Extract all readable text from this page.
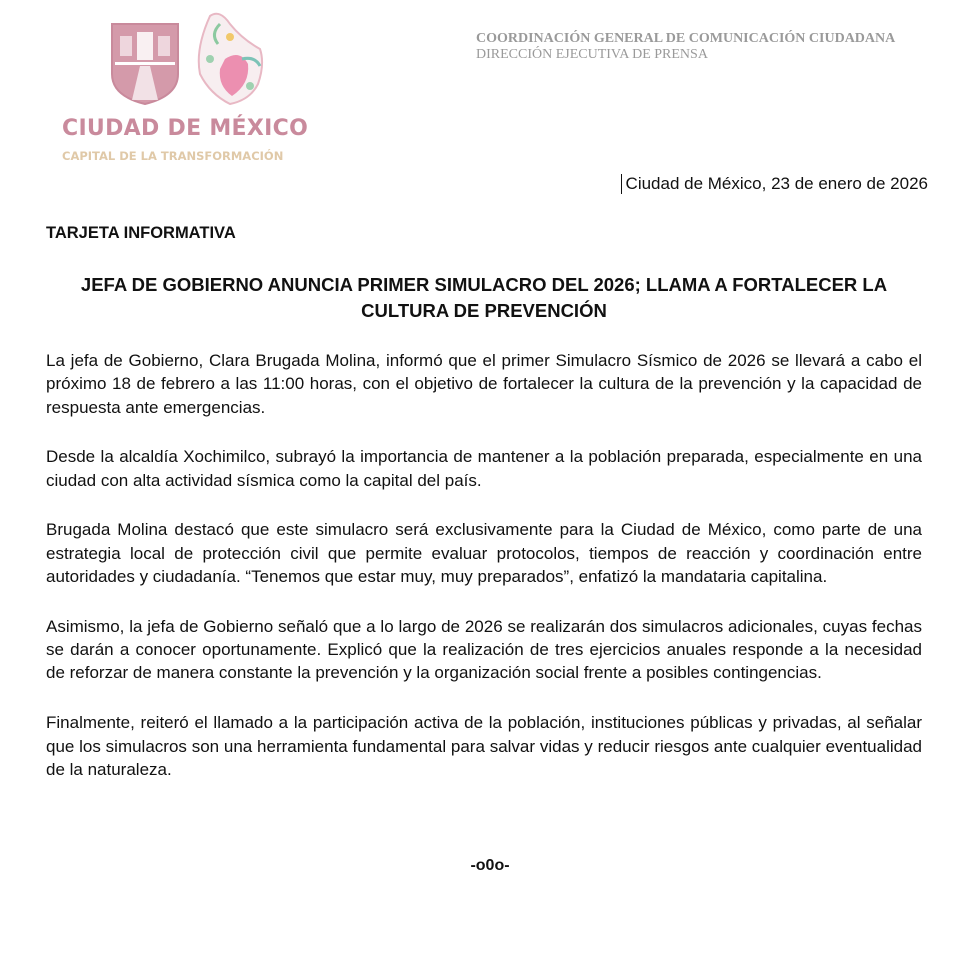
CIUDAD DE MÉXICO
CAPITAL DE LA TRANSFORMACIÓN
COORDINACIÓN GENERAL DE COMUNICACIÓN CIUDADANA
DIRECCIÓN EJECUTIVA DE PRENSA
Ciudad de México, 23 de enero de 2026
TARJETA INFORMATIVA
JEFA DE GOBIERNO ANUNCIA PRIMER SIMULACRO DEL 2026; LLAMA A FORTALECER LA CULTURA DE PREVENCIÓN

La jefa de Gobierno, Clara Brugada Molina, informó que el primer Simulacro Sísmico de 2026 se llevará a cabo el próximo 18 de febrero a las 11:00 horas, con el objetivo de fortalecer la cultura de la prevención y la capacidad de respuesta ante emergencias.

Desde la alcaldía Xochimilco, subrayó la importancia de mantener a la población preparada, especialmente en una ciudad con alta actividad sísmica como la capital del país.

Brugada Molina destacó que este simulacro será exclusivamente para la Ciudad de México, como parte de una estrategia local de protección civil que permite evaluar protocolos, tiempos de reacción y coordinación entre autoridades y ciudadanía. “Tenemos que estar muy, muy preparados”, enfatizó la mandataria capitalina.

Asimismo, la jefa de Gobierno señaló que a lo largo de 2026 se realizarán dos simulacros adicionales, cuyas fechas se darán a conocer oportunamente. Explicó que la realización de tres ejercicios anuales responde a la necesidad de reforzar de manera constante la prevención y la organización social frente a posibles contingencias.

Finalmente, reiteró el llamado a la participación activa de la población, instituciones públicas y privadas, al señalar que los simulacros son una herramienta fundamental para salvar vidas y reducir riesgos ante cualquier eventualidad de la naturaleza.

-o0o-
